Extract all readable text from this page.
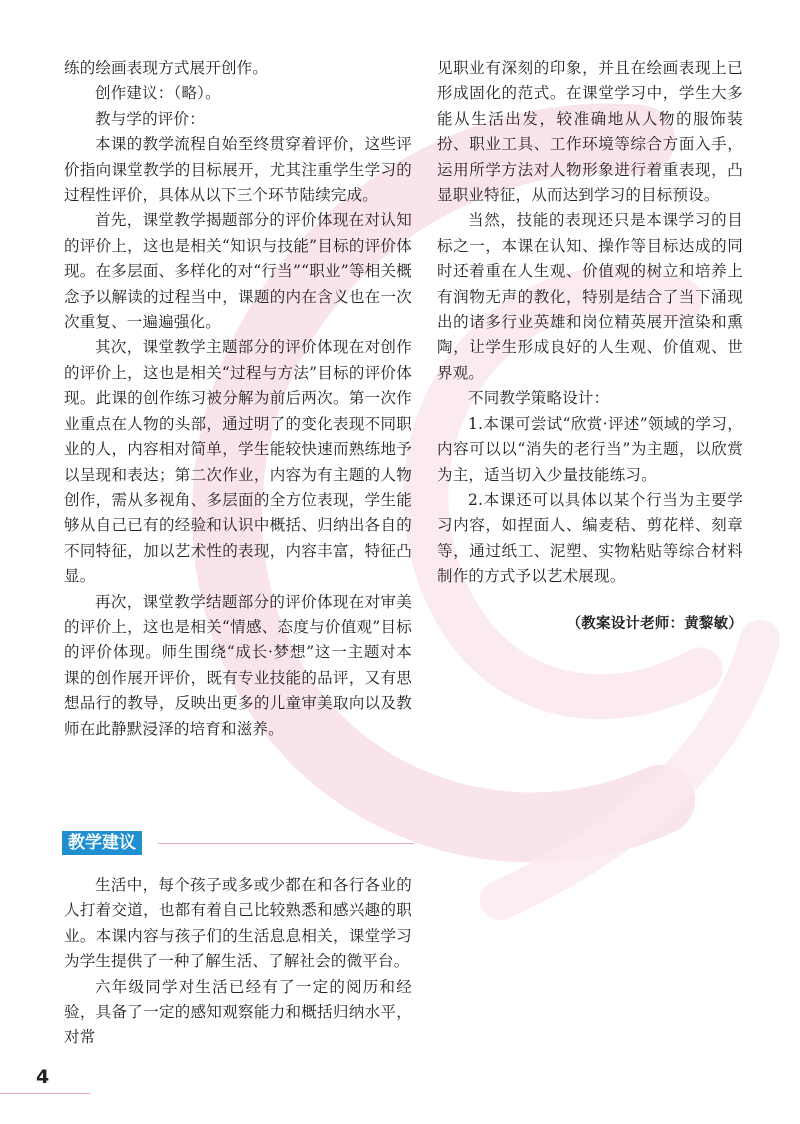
练的绘画表现方式展开创作。

创作建议：（略）。

教与学的评价：

本课的教学流程自始至终贯穿着评价，这些评价指向课堂教学的目标展开，尤其注重学生学习的过程性评价，具体从以下三个环节陆续完成。

首先，课堂教学揭题部分的评价体现在对认知的评价上，这也是相关“知识与技能”目标的评价体现。在多层面、多样化的对“行当”“职业”等相关概念予以解读的过程当中，课题的内在含义也在一次次重复、一遍遍强化。

其次，课堂教学主题部分的评价体现在对创作的评价上，这也是相关“过程与方法”目标的评价体现。此课的创作练习被分解为前后两次。第一次作业重点在人物的头部，通过明了的变化表现不同职业的人，内容相对简单，学生能较快速而熟练地予以呈现和表达；第二次作业，内容为有主题的人物创作，需从多视角、多层面的全方位表现，学生能够从自己已有的经验和认识中概括、归纳出各自的不同特征，加以艺术性的表现，内容丰富，特征凸显。

再次，课堂教学结题部分的评价体现在对审美的评价上，这也是相关“情感、态度与价值观”目标的评价体现。师生围绕“成长·梦想”这一主题对本课的创作展开评价，既有专业技能的品评，又有思想品行的教导，反映出更多的儿童审美取向以及教师在此静默浸泽的培育和滋养。

教学建议

生活中，每个孩子或多或少都在和各行各业的人打着交道，也都有着自己比较熟悉和感兴趣的职业。本课内容与孩子们的生活息息相关，课堂学习为学生提供了一种了解生活、了解社会的微平台。

六年级同学对生活已经有了一定的阅历和经验，具备了一定的感知观察能力和概括归纳水平，对常

见职业有深刻的印象，并且在绘画表现上已形成固化的范式。在课堂学习中，学生大多能从生活出发，较准确地从人物的服饰装扮、职业工具、工作环境等综合方面入手，运用所学方法对人物形象进行着重表现，凸显职业特征，从而达到学习的目标预设。

当然，技能的表现还只是本课学习的目标之一，本课在认知、操作等目标达成的同时还着重在人生观、价值观的树立和培养上有润物无声的教化，特别是结合了当下涌现出的诸多行业英雄和岗位精英展开渲染和熏陶，让学生形成良好的人生观、价值观、世界观。

不同教学策略设计：

1.本课可尝试“欣赏·评述”领域的学习，内容可以以“消失的老行当”为主题，以欣赏为主，适当切入少量技能练习。

2.本课还可以具体以某个行当为主要学习内容，如捏面人、编麦秸、剪花样、刻章等，通过纸工、泥塑、实物粘贴等综合材料制作的方式予以艺术展现。

（教案设计老师：黄黎敏）
4
